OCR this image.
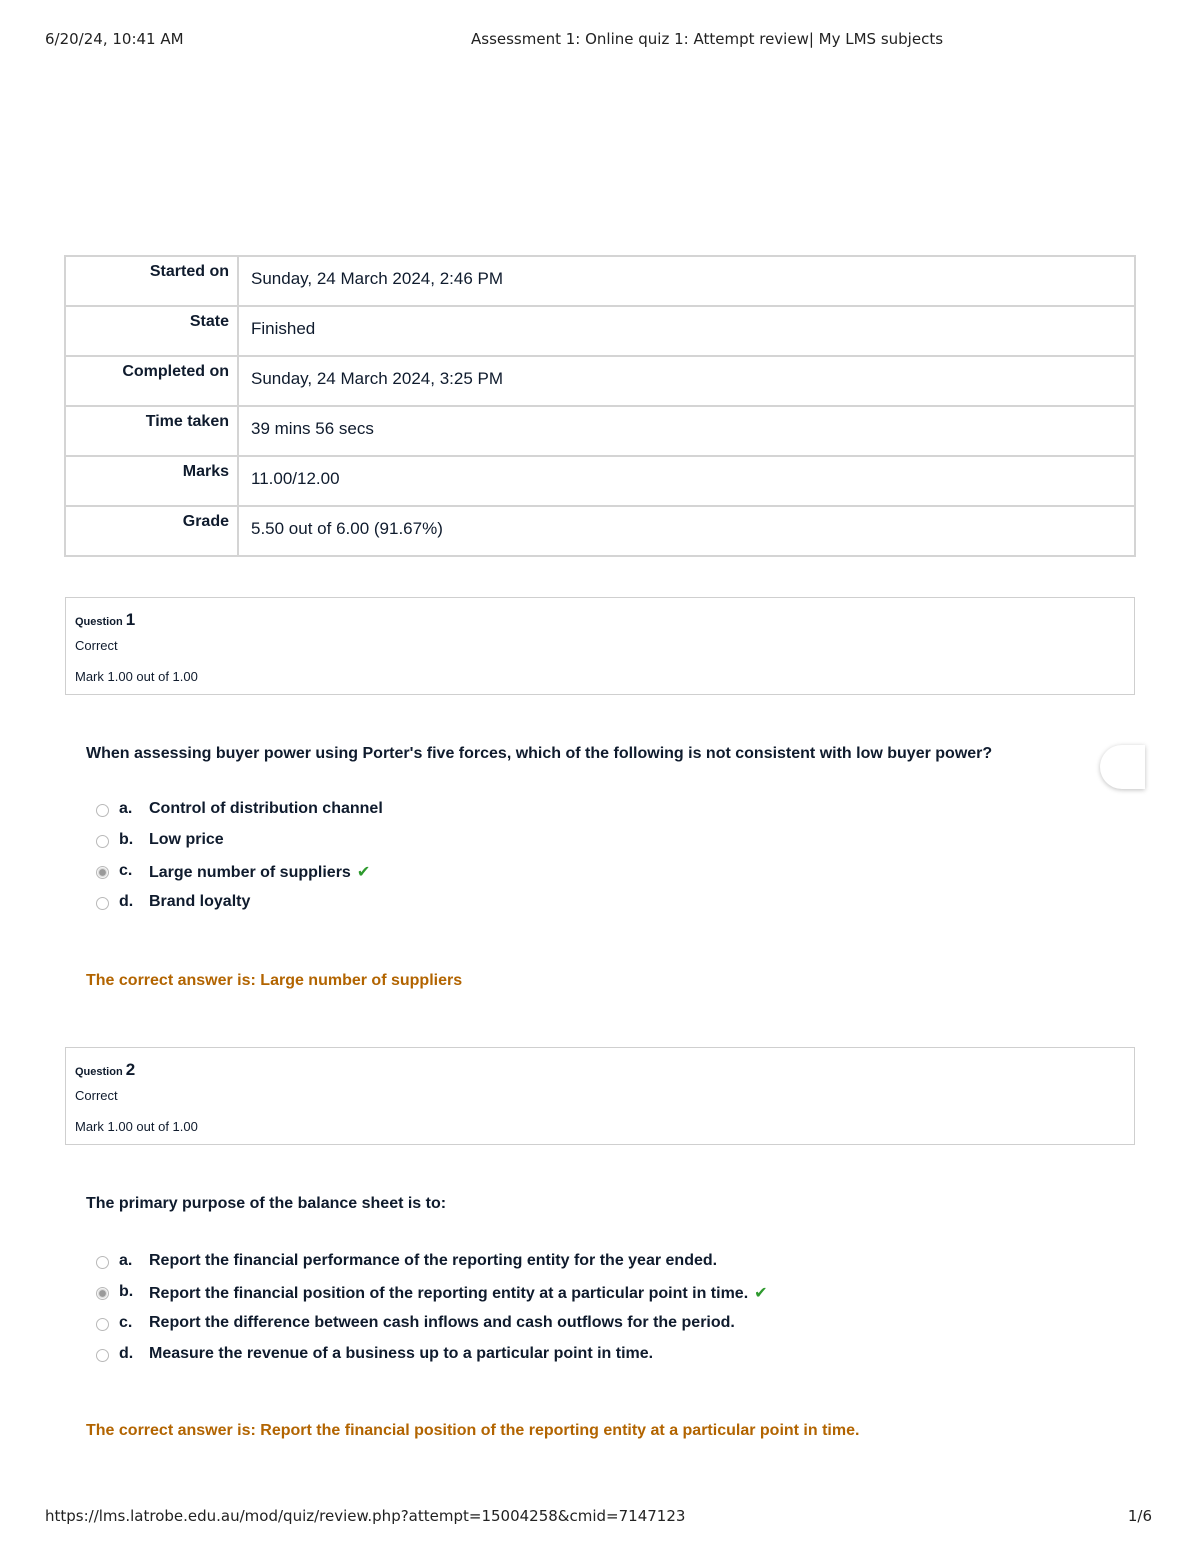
6/20/24, 10:41 AM	Assessment 1: Online quiz 1: Attempt review| My LMS subjects
Started on	Sunday, 24 March 2024, 2:46 PM
State	Finished
Completed on	Sunday, 24 March 2024, 3:25 PM
Time taken	39 mins 56 secs
Marks	11.00/12.00
Grade	5.50 out of 6.00 (91.67%)
Question 1
Correct
Mark 1.00 out of 1.00
When assessing buyer power using Porter's five forces, which of the following is not consistent with low buyer power?
a. Control of distribution channel
b. Low price
c. Large number of suppliers ✔
d. Brand loyalty
The correct answer is: Large number of suppliers
Question 2
Correct
Mark 1.00 out of 1.00
The primary purpose of the balance sheet is to:
a. Report the financial performance of the reporting entity for the year ended.
b. Report the financial position of the reporting entity at a particular point in time. ✔
c. Report the difference between cash inflows and cash outflows for the period.
d. Measure the revenue of a business up to a particular point in time.
The correct answer is: Report the financial position of the reporting entity at a particular point in time.
https://lms.latrobe.edu.au/mod/quiz/review.php?attempt=15004258&cmid=7147123	1/6
